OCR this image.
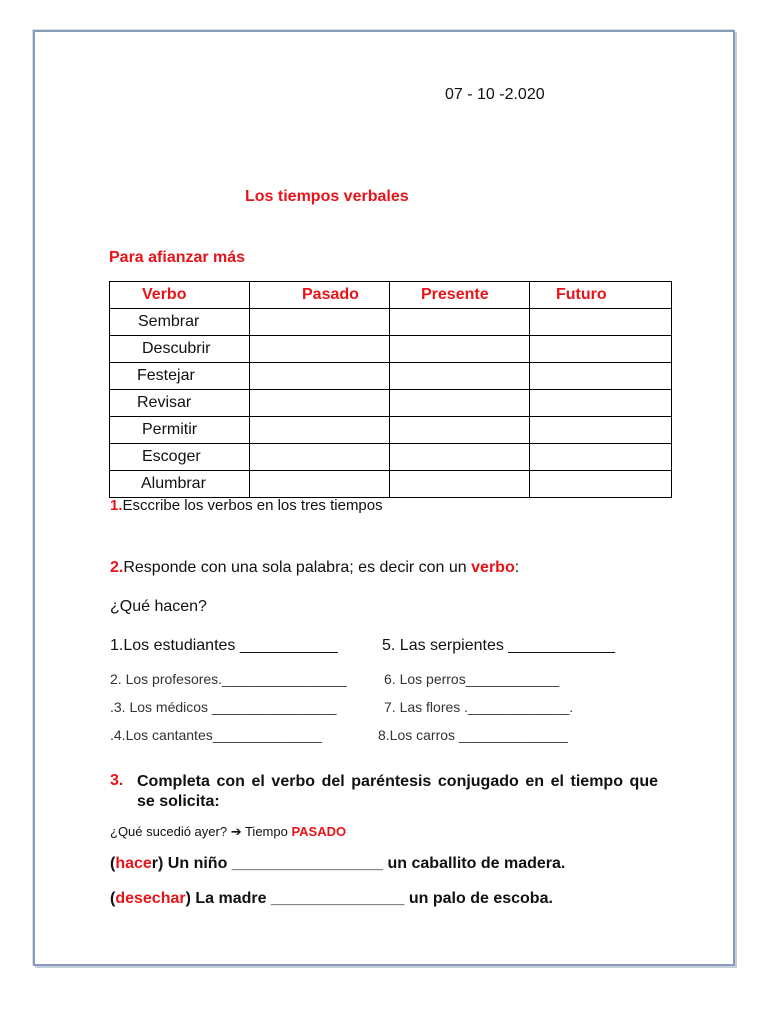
07 - 10 -2.020
Los tiempos verbales
Para afianzar más
Verbo	Pasado	Presente	Futuro
Sembrar			
Descubrir			
Festejar			
Revisar			
Permitir			
Escoger			
Alumbrar			
1.Esccribe los verbos en los tres tiempos
2.Responde con una sola palabra; es decir con un verbo:
¿Qué hacen?
1.Los estudiantes ___________	5. Las serpientes ____________
2. Los profesores.________________	6. Los perros____________
.3. Los médicos ________________	7. Las flores ._____________.
.4.Los cantantes______________	8.Los carros ______________
3. Completa con el verbo del paréntesis conjugado en el tiempo que se solicita:
¿Qué sucedió ayer? ➔ Tiempo PASADO
(hacer) Un niño _________________ un caballito de madera.
(desechar) La madre _______________ un palo de escoba.
